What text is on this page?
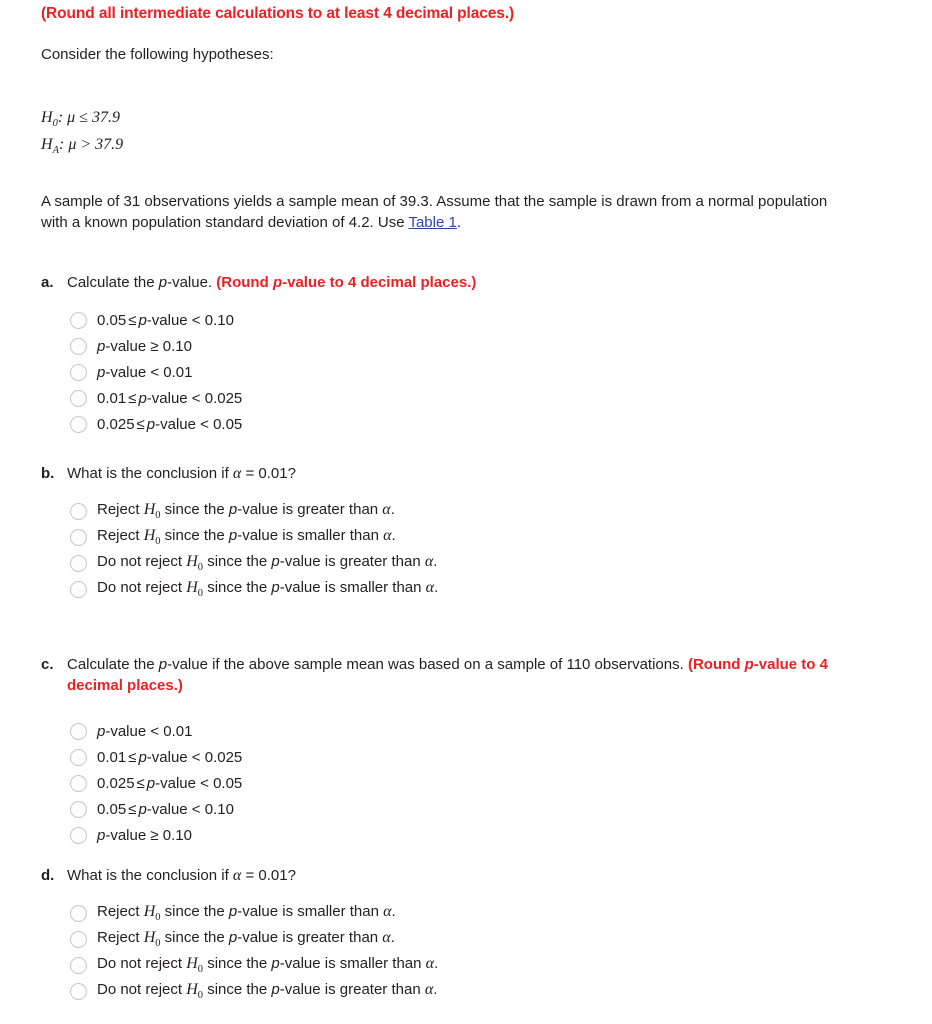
(Round all intermediate calculations to at least 4 decimal places.)
Consider the following hypotheses:
$H_0$: μ ≤ 37.9
$H_A$: μ > 37.9
A sample of 31 observations yields a sample mean of 39.3. Assume that the sample is drawn from a normal population with a known population standard deviation of 4.2. Use Table 1.
a. Calculate the p-value. (Round p-value to 4 decimal places.)
0.05 ≤ p-value < 0.10
p-value ≥ 0.10
p-value < 0.01
0.01 ≤ p-value < 0.025
0.025 ≤ p-value < 0.05
b. What is the conclusion if α = 0.01?
Reject $H_0$ since the p-value is greater than α.
Reject $H_0$ since the p-value is smaller than α.
Do not reject $H_0$ since the p-value is greater than α.
Do not reject $H_0$ since the p-value is smaller than α.
c. Calculate the p-value if the above sample mean was based on a sample of 110 observations. (Round p-value to 4 decimal places.)
p-value < 0.01
0.01 ≤ p-value < 0.025
0.025 ≤ p-value < 0.05
0.05 ≤ p-value < 0.10
p-value ≥ 0.10
d. What is the conclusion if α = 0.01?
Reject $H_0$ since the p-value is smaller than α.
Reject $H_0$ since the p-value is greater than α.
Do not reject $H_0$ since the p-value is smaller than α.
Do not reject $H_0$ since the p-value is greater than α.
